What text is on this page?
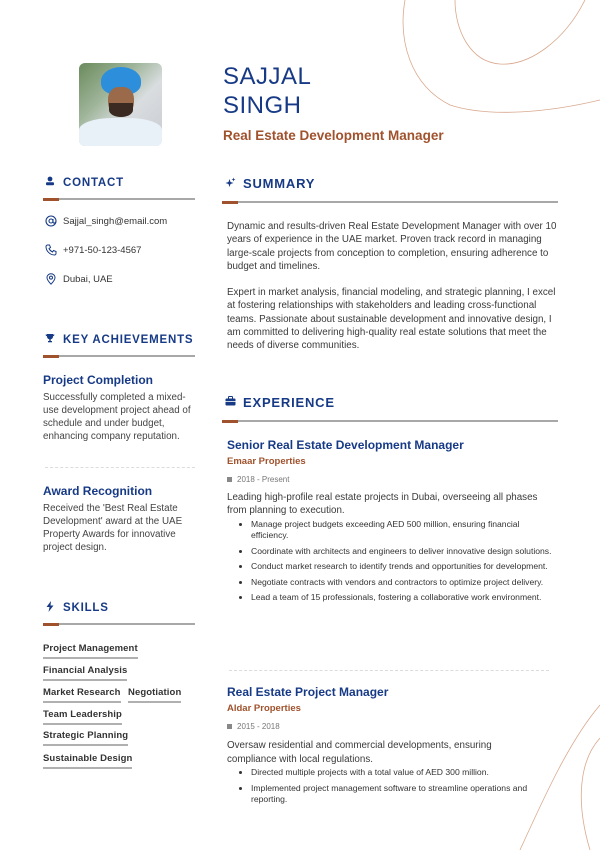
SAJJAL
SINGH
Real Estate Development Manager
CONTACT
Sajjal_singh@email.com
+971-50-123-4567
Dubai, UAE
KEY ACHIEVEMENTS
Project Completion
Successfully completed a mixed-use development project ahead of schedule and under budget, enhancing company reputation.
Award Recognition
Received the 'Best Real Estate Development' award at the UAE Property Awards for innovative project design.
SKILLS
Project Management
Financial Analysis
Market Research Negotiation
Team Leadership
Strategic Planning
Sustainable Design
SUMMARY
Dynamic and results-driven Real Estate Development Manager with over 10 years of experience in the UAE market. Proven track record in managing large-scale projects from conception to completion, ensuring adherence to budget and timelines.
Expert in market analysis, financial modeling, and strategic planning, I excel at fostering relationships with stakeholders and leading cross-functional teams. Passionate about sustainable development and innovative design, I am committed to delivering high-quality real estate solutions that meet the needs of diverse communities.
EXPERIENCE
Senior Real Estate Development Manager
Emaar Properties
2018 - Present
Leading high-profile real estate projects in Dubai, overseeing all phases from planning to execution.
Manage project budgets exceeding AED 500 million, ensuring financial efficiency.
Coordinate with architects and engineers to deliver innovative design solutions.
Conduct market research to identify trends and opportunities for development.
Negotiate contracts with vendors and contractors to optimize project delivery.
Lead a team of 15 professionals, fostering a collaborative work environment.
Real Estate Project Manager
Aldar Properties
2015 - 2018
Oversaw residential and commercial developments, ensuring compliance with local regulations.
Directed multiple projects with a total value of AED 300 million.
Implemented project management software to streamline operations and reporting.
